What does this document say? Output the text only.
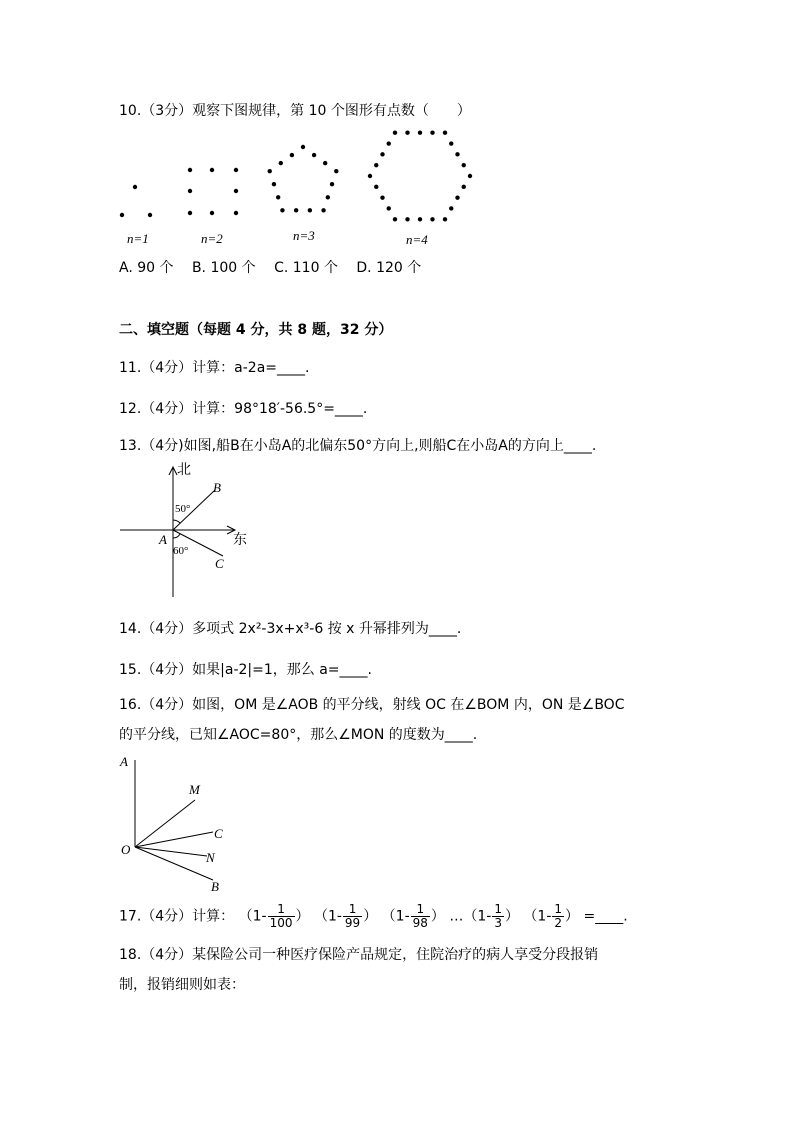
10.（3分）观察下图规律，第 10 个图形有点数（　　）
n=1	n=2	n=3	n=4
A. 90 个 B. 100 个 C. 110 个 D. 120 个
二、填空题（每题 4 分，共 8 题，32 分）
11.（4分）计算：a-2a=____.
12.（4分）计算：98°18′-56.5°=____.
13.（4分)如图,船B在小岛A的北偏东50°方向上,则船C在小岛A的方向上____.
北
东
A
B
C
50°
60°
14.（4分）多项式 2x²-3x+x³-6 按 x 升幂排列为____.
15.（4分）如果|a-2|=1，那么 a=____.
16.（4分）如图，OM 是∠AOB 的平分线，射线 OC 在∠BOM 内，ON 是∠BOC
的平分线，已知∠AOC=80°，那么∠MON 的度数为____.
A
M
C
O
N
B
17.（4分）计算： （$1- \frac{1}{100}$ ） （$1- \frac{1}{99}$ ） （$1- \frac{1}{98}$ ） …（1- $\frac{1}{3}$ ） （$1- \frac{1}{2}$ ） =____.
18.（4分）某保险公司一种医疗保险产品规定，住院治疗的病人享受分段报销
制，报销细则如表：
